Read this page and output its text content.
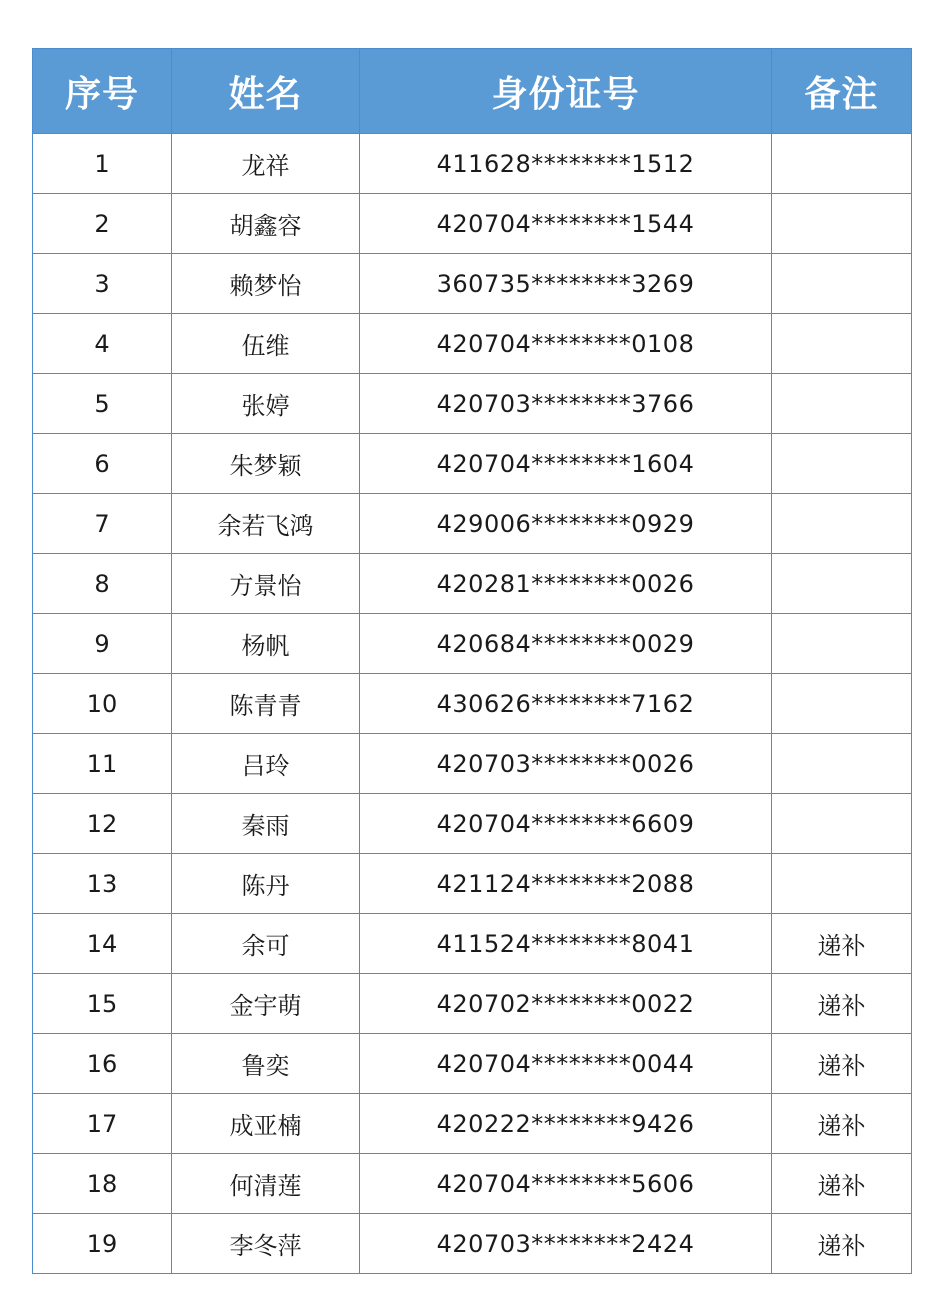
序号	姓名	身份证号	备注
1	龙祥	411628********1512	
2	胡鑫容	420704********1544	
3	赖梦怡	360735********3269	
4	伍维	420704********0108	
5	张婷	420703********3766	
6	朱梦颖	420704********1604	
7	余若飞鸿	429006********0929	
8	方景怡	420281********0026	
9	杨帆	420684********0029	
10	陈青青	430626********7162	
11	吕玲	420703********0026	
12	秦雨	420704********6609	
13	陈丹	421124********2088	
14	余可	411524********8041	递补
15	金宇萌	420702********0022	递补
16	鲁奕	420704********0044	递补
17	成亚楠	420222********9426	递补
18	何清莲	420704********5606	递补
19	李冬萍	420703********2424	递补
